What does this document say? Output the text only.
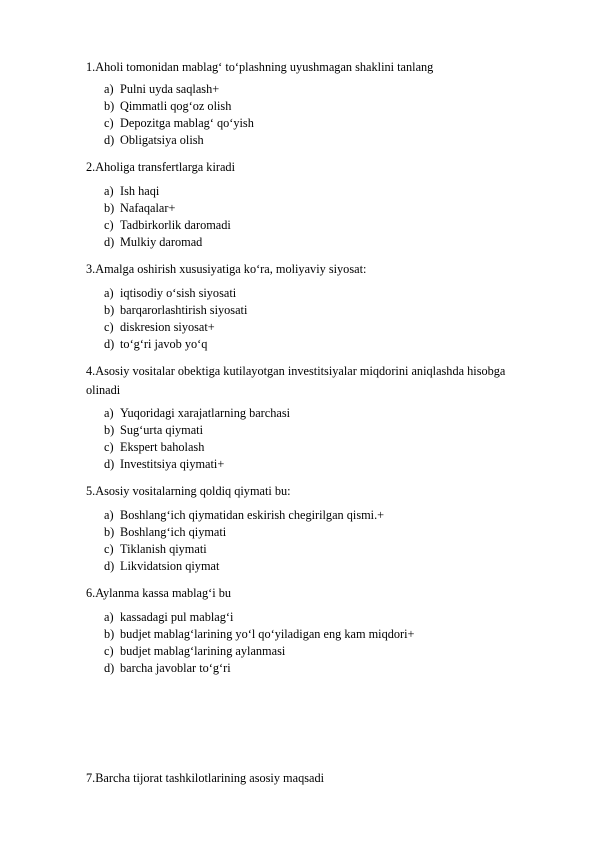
1.Aholi tomonidan mablag‘ to‘plashning uyushmagan shaklini tanlang
a) Pulni uyda saqlash+
b) Qimmatli qog‘oz olish
c) Depozitga mablag‘ qo‘yish
d) Obligatsiya olish
2.Aholiga transfertlarga kiradi
a) Ish haqi
b) Nafaqalar+
c) Tadbirkorlik daromadi
d) Mulkiy daromad
3.Amalga oshirish xususiyatiga ko‘ra, moliyaviy siyosat:
a) iqtisodiy o‘sish siyosati
b) barqarorlashtirish siyosati
c) diskresion siyosat+
d) to‘g‘ri javob yo‘q
4.Asosiy vositalar obektiga kutilayotgan investitsiyalar miqdorini aniqlashda hisobga olinadi
a) Yuqoridagi xarajatlarning barchasi
b) Sug‘urta qiymati
c) Ekspert baholash
d) Investitsiya qiymati+
5.Asosiy vositalarning qoldiq qiymati bu:
a) Boshlang‘ich qiymatidan eskirish chegirilgan qismi.+
b) Boshlang‘ich qiymati
c) Tiklanish qiymati
d) Likvidatsion qiymat
6.Aylanma kassa mablag‘i bu
a) kassadagi pul mablag‘i
b) budjet mablag‘larining yo‘l qo‘yiladigan eng kam miqdori+
c) budjet mablag‘larining aylanmasi
d) barcha javoblar to‘g‘ri
7.Barcha tijorat tashkilotlarining asosiy maqsadi
